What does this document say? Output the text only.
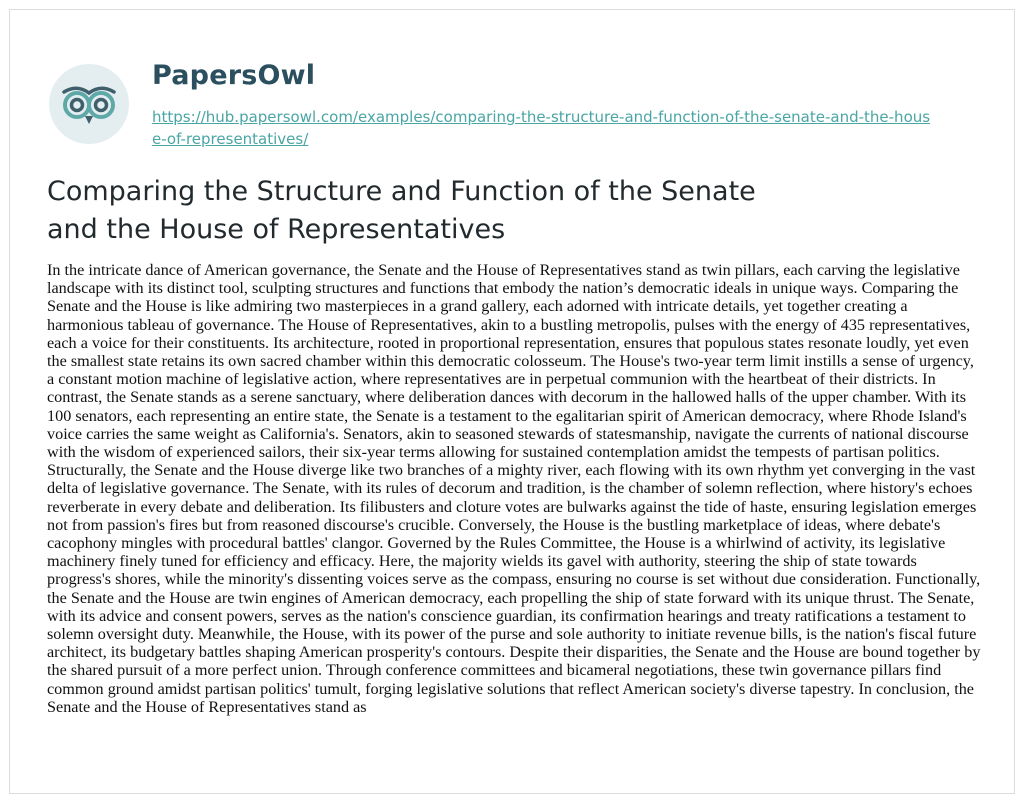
PapersOwl
https://hub.papersowl.com/examples/comparing-the-structure-and-function-of-the-senate-and-the-house-of-representatives/
Comparing the Structure and Function of the Senate and the House of Representatives

In the intricate dance of American governance, the Senate and the House of Representatives stand as twin pillars, each carving the legislative landscape with its distinct tool, sculpting structures and functions that embody the nation’s democratic ideals in unique ways. Comparing the Senate and the House is like admiring two masterpieces in a grand gallery, each adorned with intricate details, yet together creating a harmonious tableau of governance. The House of Representatives, akin to a bustling metropolis, pulses with the energy of 435 representatives, each a voice for their constituents. Its architecture, rooted in proportional representation, ensures that populous states resonate loudly, yet even the smallest state retains its own sacred chamber within this democratic colosseum. The House's two-year term limit instills a sense of urgency, a constant motion machine of legislative action, where representatives are in perpetual communion with the heartbeat of their districts. In contrast, the Senate stands as a serene sanctuary, where deliberation dances with decorum in the hallowed halls of the upper chamber. With its 100 senators, each representing an entire state, the Senate is a testament to the egalitarian spirit of American democracy, where Rhode Island's voice carries the same weight as California's. Senators, akin to seasoned stewards of statesmanship, navigate the currents of national discourse with the wisdom of experienced sailors, their six-year terms allowing for sustained contemplation amidst the tempests of partisan politics. Structurally, the Senate and the House diverge like two branches of a mighty river, each flowing with its own rhythm yet converging in the vast delta of legislative governance. The Senate, with its rules of decorum and tradition, is the chamber of solemn reflection, where history's echoes reverberate in every debate and deliberation. Its filibusters and cloture votes are bulwarks against the tide of haste, ensuring legislation emerges not from passion's fires but from reasoned discourse's crucible. Conversely, the House is the bustling marketplace of ideas, where debate's cacophony mingles with procedural battles' clangor. Governed by the Rules Committee, the House is a whirlwind of activity, its legislative machinery finely tuned for efficiency and efficacy. Here, the majority wields its gavel with authority, steering the ship of state towards progress's shores, while the minority's dissenting voices serve as the compass, ensuring no course is set without due consideration. Functionally, the Senate and the House are twin engines of American democracy, each propelling the ship of state forward with its unique thrust. The Senate, with its advice and consent powers, serves as the nation's conscience guardian, its confirmation hearings and treaty ratifications a testament to solemn oversight duty. Meanwhile, the House, with its power of the purse and sole authority to initiate revenue bills, is the nation's fiscal future architect, its budgetary battles shaping American prosperity's contours. Despite their disparities, the Senate and the House are bound together by the shared pursuit of a more perfect union. Through conference committees and bicameral negotiations, these twin governance pillars find common ground amidst partisan politics' tumult, forging legislative solutions that reflect American society's diverse tapestry. In conclusion, the Senate and the House of Representatives stand as
